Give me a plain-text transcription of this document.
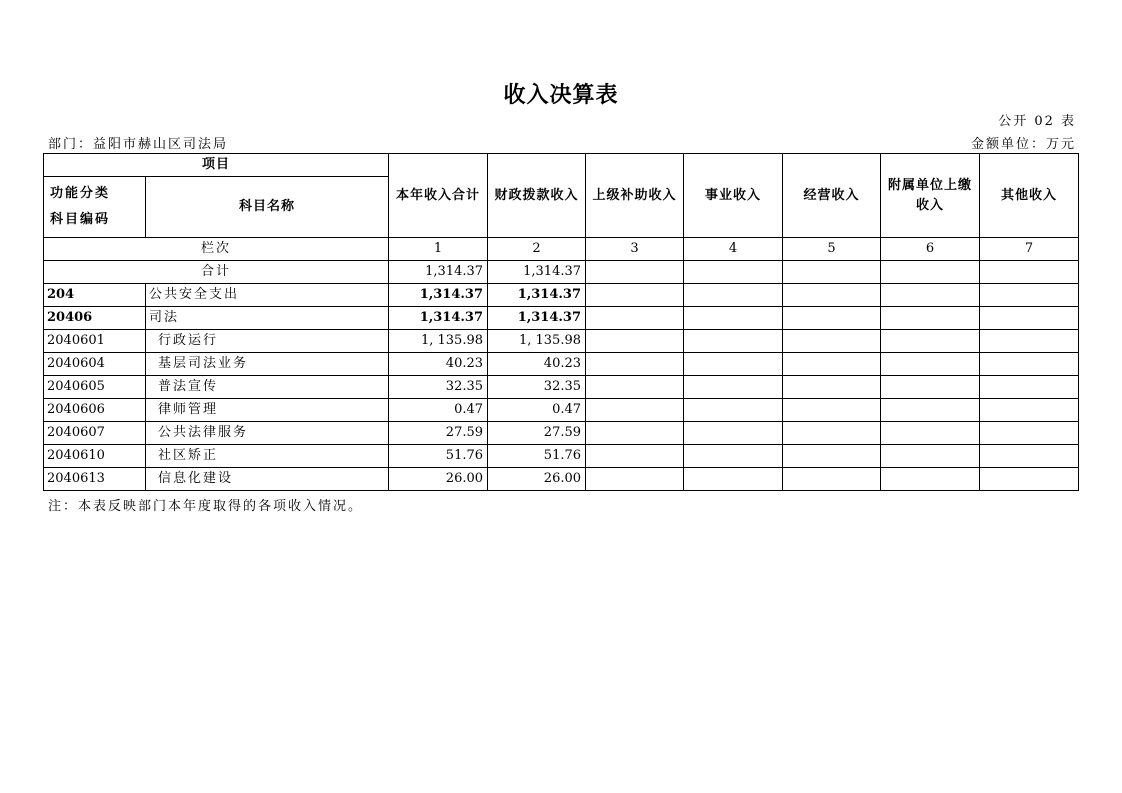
收入决算表
公开 02 表
部门：益阳市赫山区司法局	金额单位：万元
项目		本年收入合计	财政拨款收入	上级补助收入	事业收入	经营收入	附属单位上缴收入	其他收入

功能分类
科目编码	科目名称							
栏次		1	2	3	4	5	6	7
合计		1,314.37	1,314.37					
204	公共安全支出	1,314.37	1,314.37					
20406	司法	1,314.37	1,314.37					
2040601	行政运行	1, 135.98	1, 135.98					
2040604	基层司法业务	40.23	40.23					
2040605	普法宣传	32.35	32.35					
2040606	律师管理	0.47	0.47					
2040607	公共法律服务	27.59	27.59					
2040610	社区矫正	51.76	51.76					
2040613	信息化建设	26.00	26.00					
注：本表反映部门本年度取得的各项收入情况。
